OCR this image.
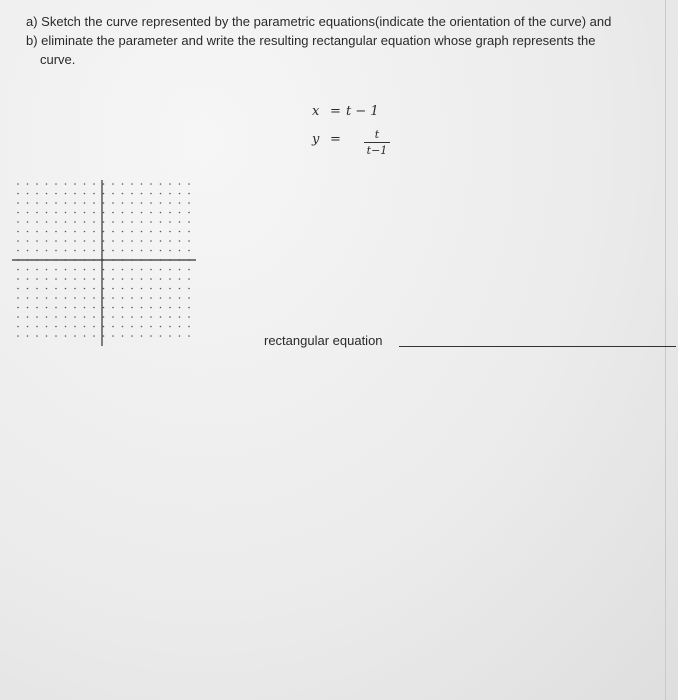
a) Sketch the curve represented by the parametric equations(indicate the orientation of the curve) and

b) eliminate the parameter and write the resulting rectangular equation whose graph represents the

curve.

x = t − 1
y =	t
t−1
rectangular equation
